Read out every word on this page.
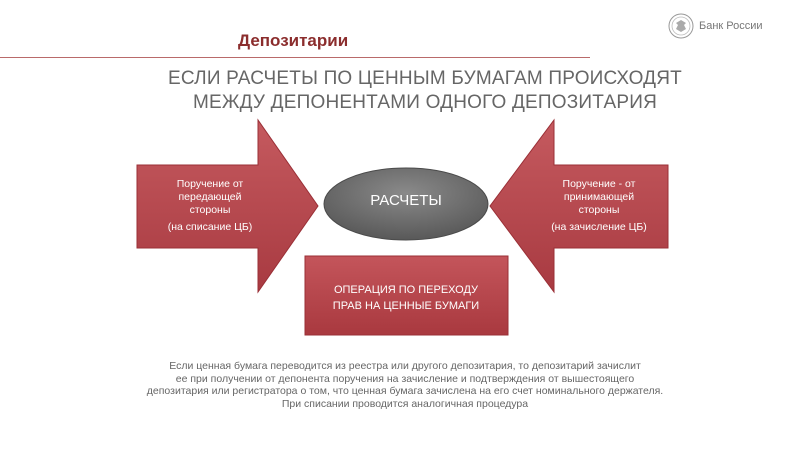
Депозитарии
Банк России
ЕСЛИ РАСЧЕТЫ ПО ЦЕННЫМ БУМАГАМ ПРОИСХОДЯТ
МЕЖДУ ДЕПОНЕНТАМИ ОДНОГО ДЕПОЗИТАРИЯ
Поручение от
передающей
стороны
(на списание ЦБ)
Поручение - от
принимающей
стороны
(на зачисление ЦБ)
РАСЧЕТЫ
ОПЕРАЦИЯ ПО ПЕРЕХОДУ
ПРАВ НА ЦЕННЫЕ БУМАГИ
Если ценная бумага переводится из реестра или другого депозитария, то депозитарий зачислит
ее при получении от депонента поручения на зачисление и подтверждения от вышестоящего
депозитария или регистратора о том, что ценная бумага зачислена на его счет номинального держателя.
При списании проводится аналогичная процедура
